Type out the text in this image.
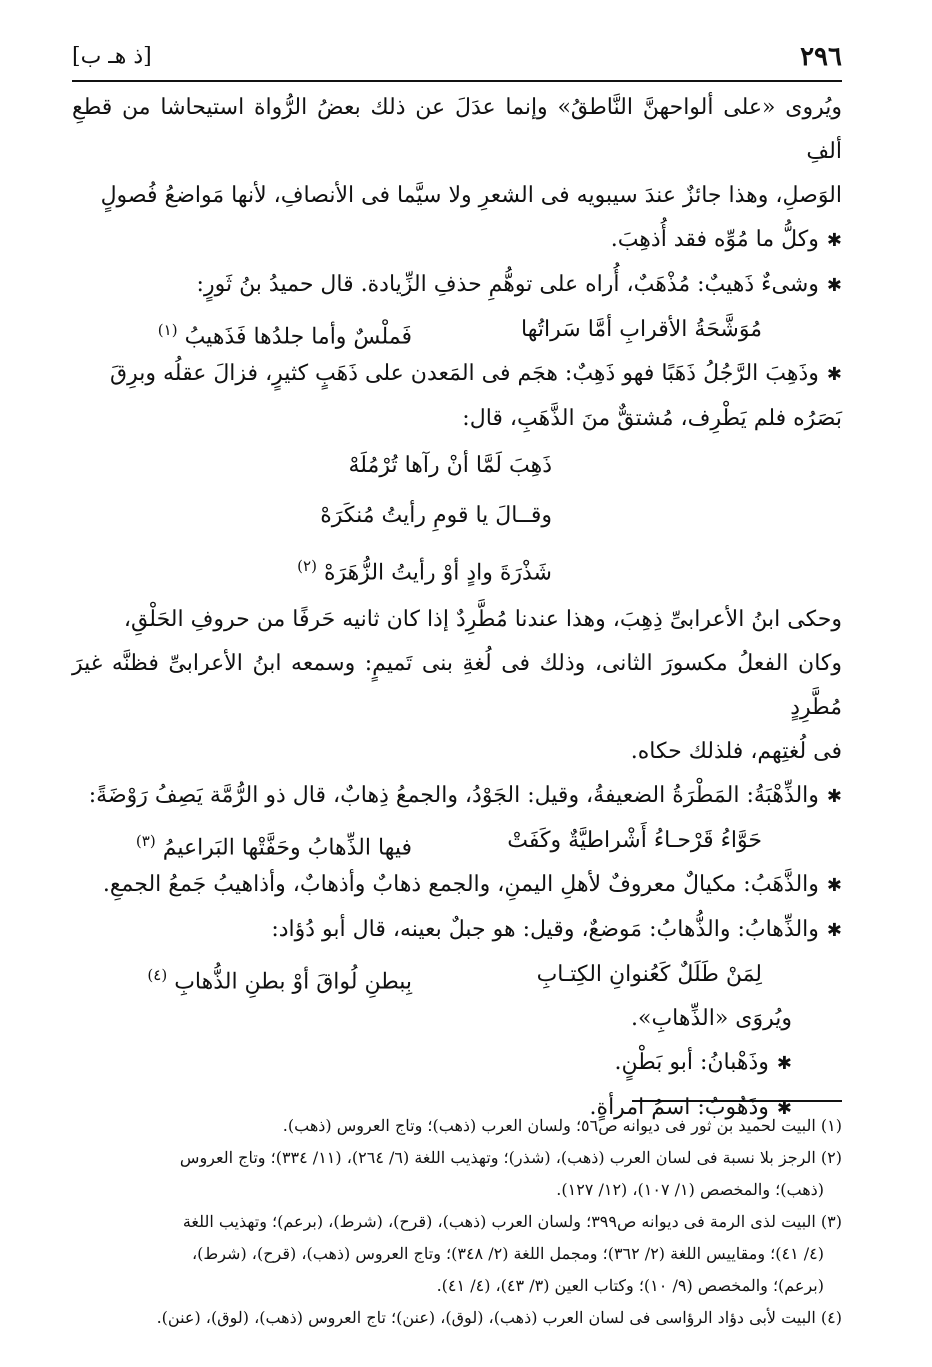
٢٩٦
[ذ هـ ب]

ويُروى «على ألواحهنَّ النَّاطقُ» وإنما عدَلَ عن ذلك بعضُ الرُّواة استيحاشا من قطعِ ألفِ

الوَصلِ، وهذا جائزٌ عندَ سيبويه فى الشعرِ ولا سيَّما فى الأنصافِ، لأنها مَواضعُ فُصولٍ

✱ وكلُّ ما مُوِّه فقد أُذهِبَ.

✱ وشىءٌ ذَهيبٌ: مُذْهَبٌ، أُراه على توهُّمِ حذفِ الزِّيادة. قال حميدُ بنُ ثَورٍ:

مُوَشَّحَةُ الأقرابِ أمَّا سَراتُها
فَملْسٌ وأما جلدُها فَذَهيبُ $^{(١)}$

✱ وذَهِبَ الرَّجُلُ ذَهَبًا فهو ذَهِبٌ: هجَم فى المَعدن على ذَهَبٍ كثيرٍ، فزالَ عقلُه وبرِقَ

بَصَرُه فلم يَطْرِف، مُشتقٌّ منَ الذَّهَبِ، قال:

ذَهِبَ لَمَّا أنْ رآها تُرْمُلَهْ

وقــالَ يا قومِ رأيتُ مُنكَرَهْ

شَذْرَةَ وادٍ أوْ رأيتُ الزُّهَرَهْ $^{(٢)}$

وحكى ابنُ الأعرابىِّ ذِهِبَ، وهذا عندنا مُطَّرِدٌ إذا كان ثانيه حَرفًا من حروفِ الحَلْقِ،

وكان الفعلُ مكسورَ الثانى، وذلك فى لُغةِ بنى تَميمٍ: وسمعه ابنُ الأعرابىِّ فظنَّه غيرَ مُطَّرِدٍ

فى لُغتِهم، فلذلك حكاه.

✱ والذِّهْبَةُ: المَطْرَةُ الضعيفةُ، وقيل: الجَوْدُ، والجمعُ ذِهابٌ، قال ذو الرُّمَّة يَصِفُ رَوْضَةً:

حَوَّاءُ قَرْحـاءُ أَشْراطيَّةٌ وكَفَتْ
فيها الذِّهابُ وحَفَّتْها البَراعيمُ $^{(٣)}$

✱ والذَّهَبُ: مكيالٌ معروفٌ لأهلِ اليمنِ، والجمع ذهابٌ وأذهابٌ، وأذاهيبُ جَمعُ الجمعِ.

✱ والذِّهابُ: والذُّهابُ: مَوضعٌ، وقيل: هو جبلٌ بعينه، قال أبو دُؤاد:

لِمَنْ طَلَلٌ كَعُنوانِ الكِتـابِ
بِبطنِ لُواقَ أوْ بطنِ الذُّهابِ $^{(٤)}$

ويُروَى «الذِّهابِ».

✱ وذَهْبانُ: أبو بَطْنٍ.

✱ وذَهُوبُ: اسمُ امرأةٍ.

(١) البيت لحميد بن ثور فى ديوانه ص٥٦؛ ولسان العرب (ذهب)؛ وتاج العروس (ذهب).

(٢) الرجز بلا نسبة فى لسان العرب (ذهب)، (شذر)؛ وتهذيب اللغة (٦/ ٢٦٤)، (١١/ ٣٣٤)؛ وتاج العروس

(ذهب)؛ والمخصص (١/ ١٠٧)، (١٢/ ١٢٧).

(٣) البيت لذى الرمة فى ديوانه ص٣٩٩؛ ولسان العرب (ذهب)، (قرح)، (شرط)، (برعم)؛ وتهذيب اللغة

(٤/ ٤١)؛ ومقاييس اللغة (٢/ ٣٦٢)؛ ومجمل اللغة (٢/ ٣٤٨)؛ وتاج العروس (ذهب)، (قرح)، (شرط)،

(برعم)؛ والمخصص (٩/ ١٠)؛ وكتاب العين (٣/ ٤٣)، (٤/ ٤١).

(٤) البيت لأبى دؤاد الرؤاسى فى لسان العرب (ذهب)، (لوق)، (عنن)؛ تاج العروس (ذهب)، (لوق)، (عنن).
